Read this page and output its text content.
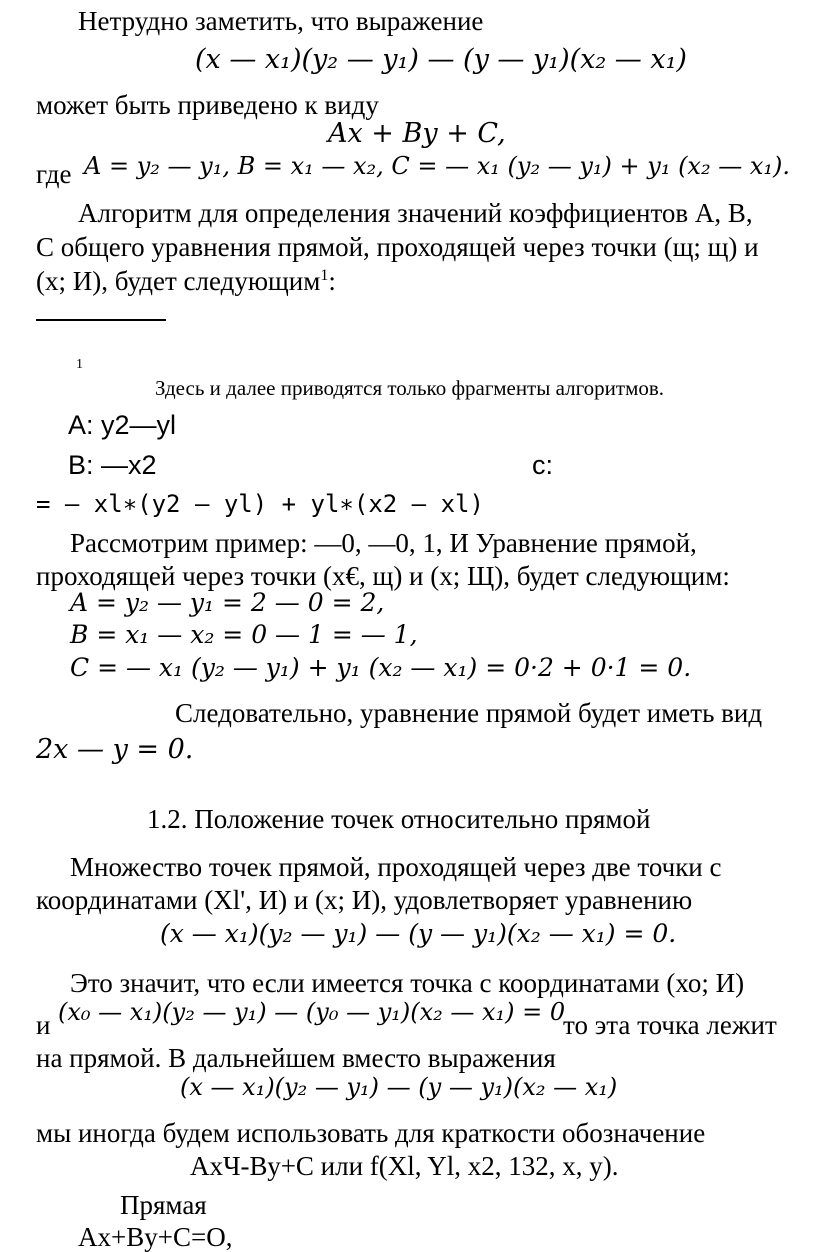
Нетрудно заметить, что выражение
(x — x₁)(y₂ — y₁) — (y — y₁)(x₂ — x₁)
может быть приведено к виду
Ax + By + C,
где A = y₂ — y₁, B = x₁ — x₂, C = — x₁ (y₂ — y₁) + y₁ (x₂ — x₁).
Алгоритм для определения значений коэффициентов А, В,
С общего уравнения прямой, проходящей через точки (щ; щ) и
(х; И), будет следующим$^1$:
1
Здесь и далее приводятся только фрагменты алгоритмов.
А: у2—yl
В: —х2	с:
= — xl∗(y2 — yl) + yl∗(x2 — xl)
Рассмотрим пример: —0, —0, 1, И Уравнение прямой,
проходящей через точки (х€, щ) и (х; Щ), будет следующим:
A = y₂ — y₁ = 2 — 0 = 2,
B = x₁ — x₂ = 0 — 1 = — 1,
C = — x₁ (y₂ — y₁) + y₁ (x₂ — x₁) = 0·2 + 0·1 = 0.
Следовательно, уравнение прямой будет иметь вид
2x — y = 0.
1.2. Положение точек относительно прямой
Множество точек прямой, проходящей через две точки с
координатами (Xl', И) и (х; И), удовлетворяет уравнению
(x — x₁)(y₂ — y₁) — (y — y₁)(x₂ — x₁) = 0.
Это значит, что если имеется точка с координатами (хо; И)
и (x₀ — x₁)(y₂ — y₁) — (y₀ — y₁)(x₂ — x₁) = 0
то эта точка лежит
на прямой. В дальнейшем вместо выражения
(x — x₁)(y₂ — y₁) — (y — y₁)(x₂ — x₁)
мы иногда будем использовать для краткости обозначение
АхЧ-Ву+С или f(Xl, Yl, х2, 132, х, у).
Прямая
Ax+By+C=O,
